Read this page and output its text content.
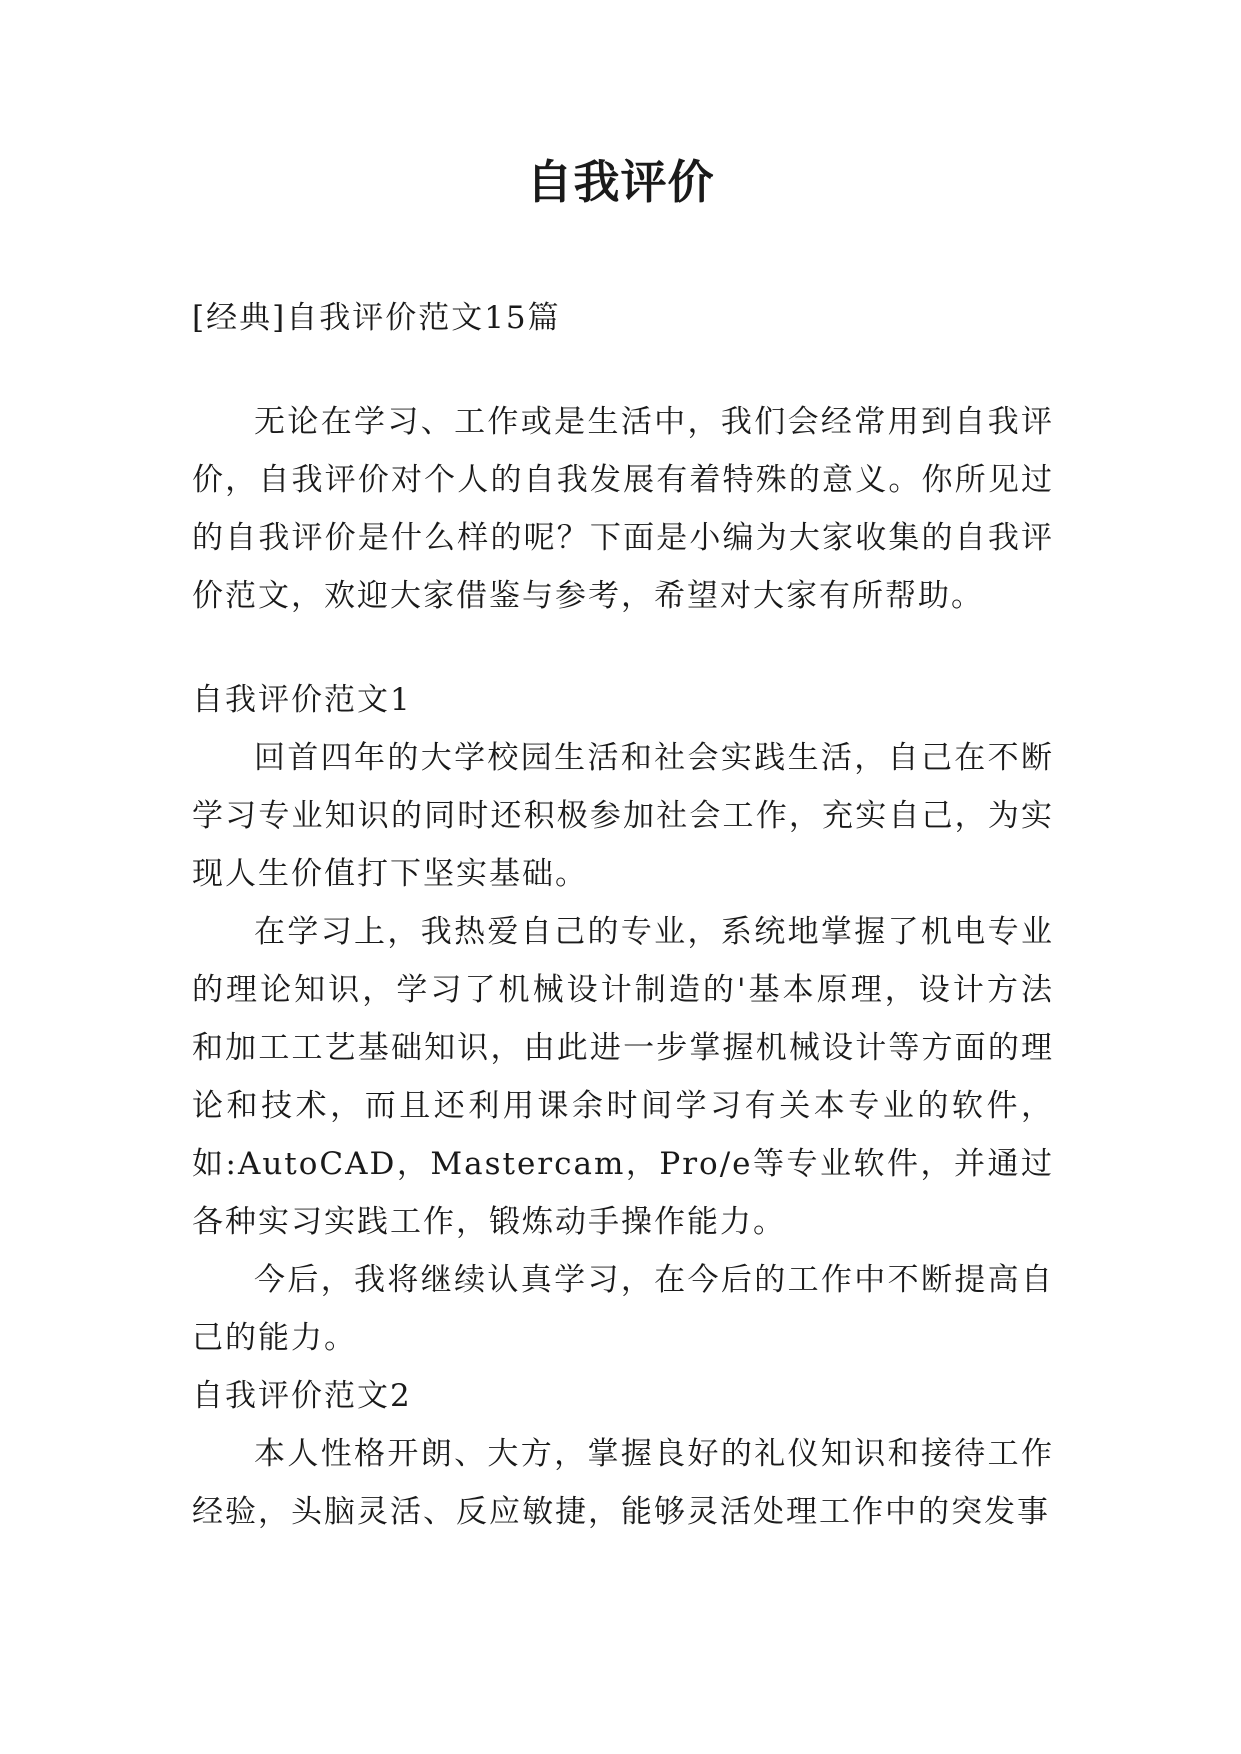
自我评价

[经典]自我评价范文15篇

无论在学习、工作或是生活中，我们会经常用到自我评价，自我评价对个人的自我发展有着特殊的意义。你所见过的自我评价是什么样的呢？下面是小编为大家收集的自我评价范文，欢迎大家借鉴与参考，希望对大家有所帮助。

自我评价范文1

回首四年的大学校园生活和社会实践生活，自己在不断学习专业知识的同时还积极参加社会工作，充实自己，为实现人生价值打下坚实基础。

在学习上，我热爱自己的专业，系统地掌握了机电专业的理论知识，学习了机械设计制造的'基本原理，设计方法和加工工艺基础知识，由此进一步掌握机械设计等方面的理论和技术，而且还利用课余时间学习有关本专业的软件，如:AutoCAD，Mastercam，Pro/e等专业软件，并通过各种实习实践工作，锻炼动手操作能力。

今后，我将继续认真学习，在今后的工作中不断提高自己的能力。

自我评价范文2

本人性格开朗、大方，掌握良好的礼仪知识和接待工作经验，头脑灵活、反应敏捷，能够灵活处理工作中的突发事
